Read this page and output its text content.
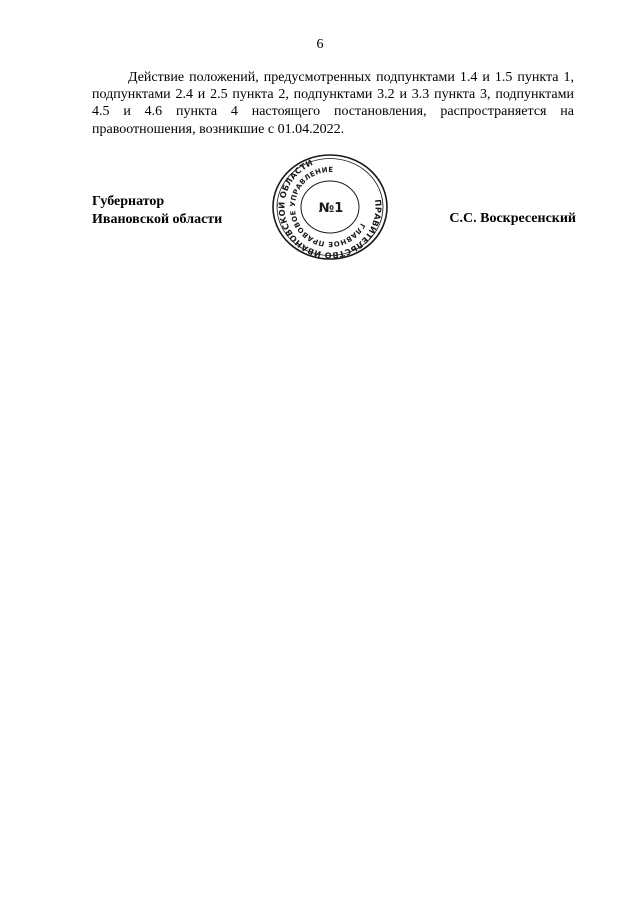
6

Действие положений, предусмотренных подпунктами 1.4 и 1.5 пункта 1, подпунктами 2.4 и 2.5 пункта 2, подпунктами 3.2 и 3.3 пункта 3, подпунктами 4.5 и 4.6 пункта 4 настоящего постановления, распространяется на правоотношения, возникшие с 01.04.2022.

Губернатор
Ивановской области
ПРАВИТЕЛЬСТВО ИВАНОВСКОЙ ОБЛАСТИ
ГЛАВНОЕ ПРАВОВОЕ УПРАВЛЕНИЕ
№1
С.С. Воскресенский
